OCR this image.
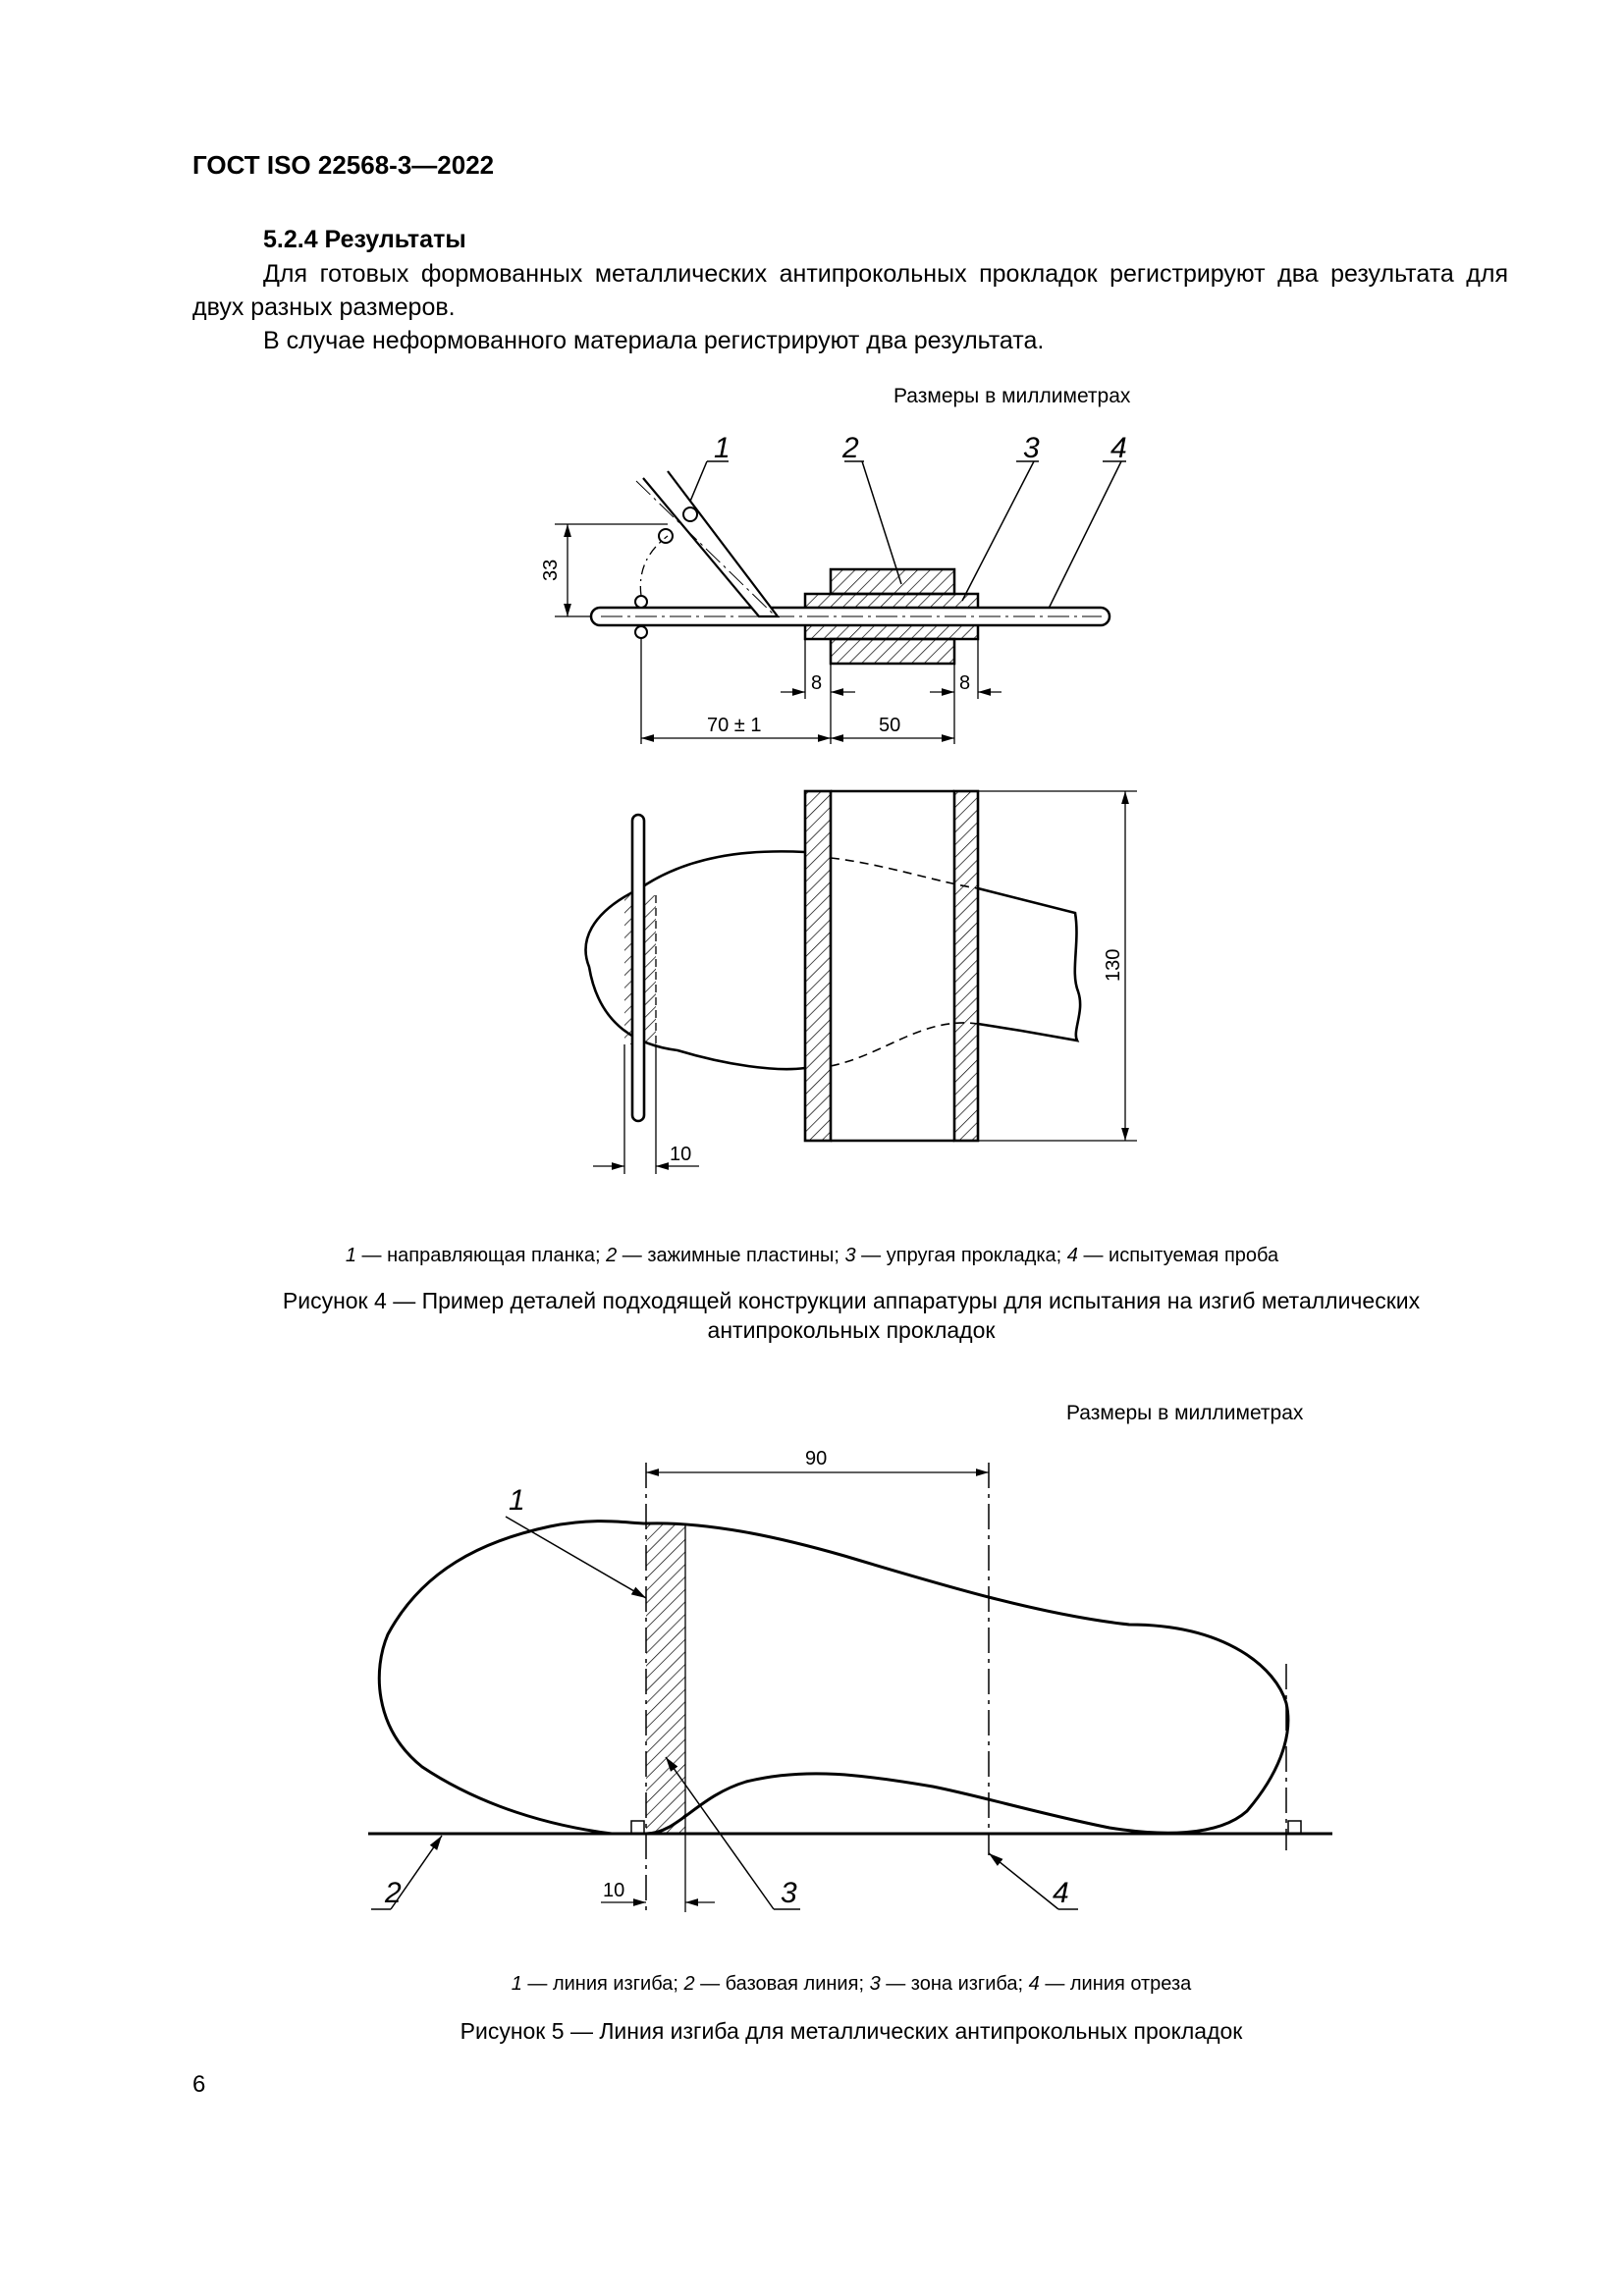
ГОСТ ISO 22568-3—2022
5.2.4 Результаты
Для готовых формованных металлических антипрокольных прокладок регистрируют два результата для двух разных размеров.
В случае неформованного материала регистрируют два результата.
Размеры в миллиметрах
1	2	3 4
33
8	8
70 ± 1	50
130
10
90
10
1
2	3	4
1 — направляющая планка; 2 — зажимные пластины; 3 — упругая прокладка; 4 — испытуемая проба
Рисунок 4 — Пример деталей подходящей конструкции аппаратуры для испытания на изгиб металлических
антипрокольных прокладок
Размеры в миллиметрах
1 — линия изгиба; 2 — базовая линия; 3 — зона изгиба; 4 — линия отреза
Рисунок 5 — Линия изгиба для металлических антипрокольных прокладок
6
